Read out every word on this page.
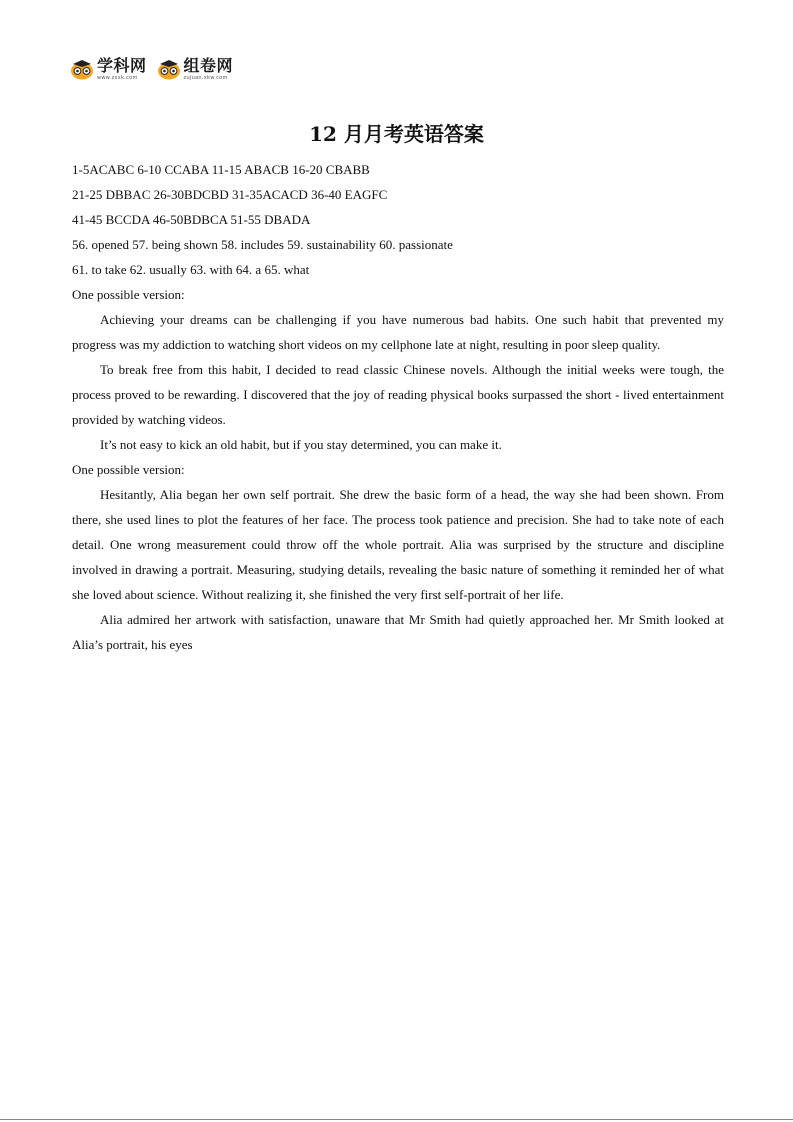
学科网
www.zxxk.com
组卷网
zujuan.xkw.com
12 月月考英语答案
1-5ACABC 6-10 CCABA 11-15 ABACB 16-20 CBABB
21-25 DBBAC 26-30BDCBD 31-35ACACD 36-40 EAGFC
41-45 BCCDA 46-50BDBCA 51-55 DBADA
56. opened 57. being shown 58. includes 59. sustainability 60. passionate
61. to take 62. usually 63. with 64. a 65. what
One possible version:
Achieving your dreams can be challenging if you have numerous bad habits. One such habit that prevented my progress was my addiction to watching short videos on my cellphone late at night, resulting in poor sleep quality.
To break free from this habit, I decided to read classic Chinese novels. Although the initial weeks were tough, the process proved to be rewarding. I discovered that the joy of reading physical books surpassed the short - lived entertainment provided by watching videos.
It’s not easy to kick an old habit, but if you stay determined, you can make it.
One possible version:
Hesitantly, Alia began her own self portrait. She drew the basic form of a head, the way she had been shown. From there, she used lines to plot the features of her face. The process took patience and precision. She had to take note of each detail. One wrong measurement could throw off the whole portrait. Alia was surprised by the structure and discipline involved in drawing a portrait. Measuring, studying details, revealing the basic nature of something it reminded her of what she loved about science. Without realizing it, she finished the very first self-portrait of her life.
Alia admired her artwork with satisfaction, unaware that Mr Smith had quietly approached her. Mr Smith looked at Alia’s portrait, his eyes
